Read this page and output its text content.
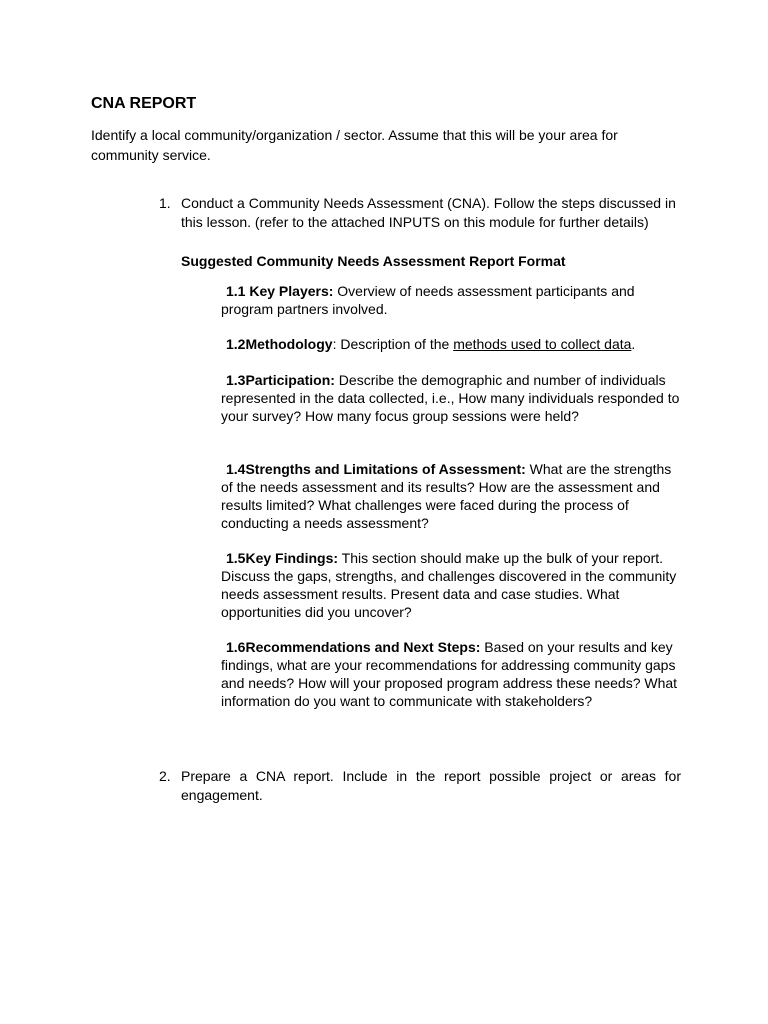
CNA REPORT

Identify a local community/organization / sector. Assume that this will be your area for community service.

1. Conduct a Community Needs Assessment (CNA). Follow the steps discussed in this lesson. (refer to the attached INPUTS on this module for further details)

Suggested Community Needs Assessment Report Format

1.1 Key Players: Overview of needs assessment participants and program partners involved.

1.2Methodology: Description of the methods used to collect data.

1.3Participation: Describe the demographic and number of individuals represented in the data collected, i.e., How many individuals responded to your survey? How many focus group sessions were held?

1.4Strengths and Limitations of Assessment: What are the strengths of the needs assessment and its results? How are the assessment and results limited? What challenges were faced during the process of conducting a needs assessment?

1.5Key Findings: This section should make up the bulk of your report. Discuss the gaps, strengths, and challenges discovered in the community needs assessment results. Present data and case studies. What opportunities did you uncover?

1.6Recommendations and Next Steps: Based on your results and key findings, what are your recommendations for addressing community gaps and needs? How will your proposed program address these needs? What information do you want to communicate with stakeholders?

2. Prepare a CNA report. Include in the report possible project or areas for engagement.
